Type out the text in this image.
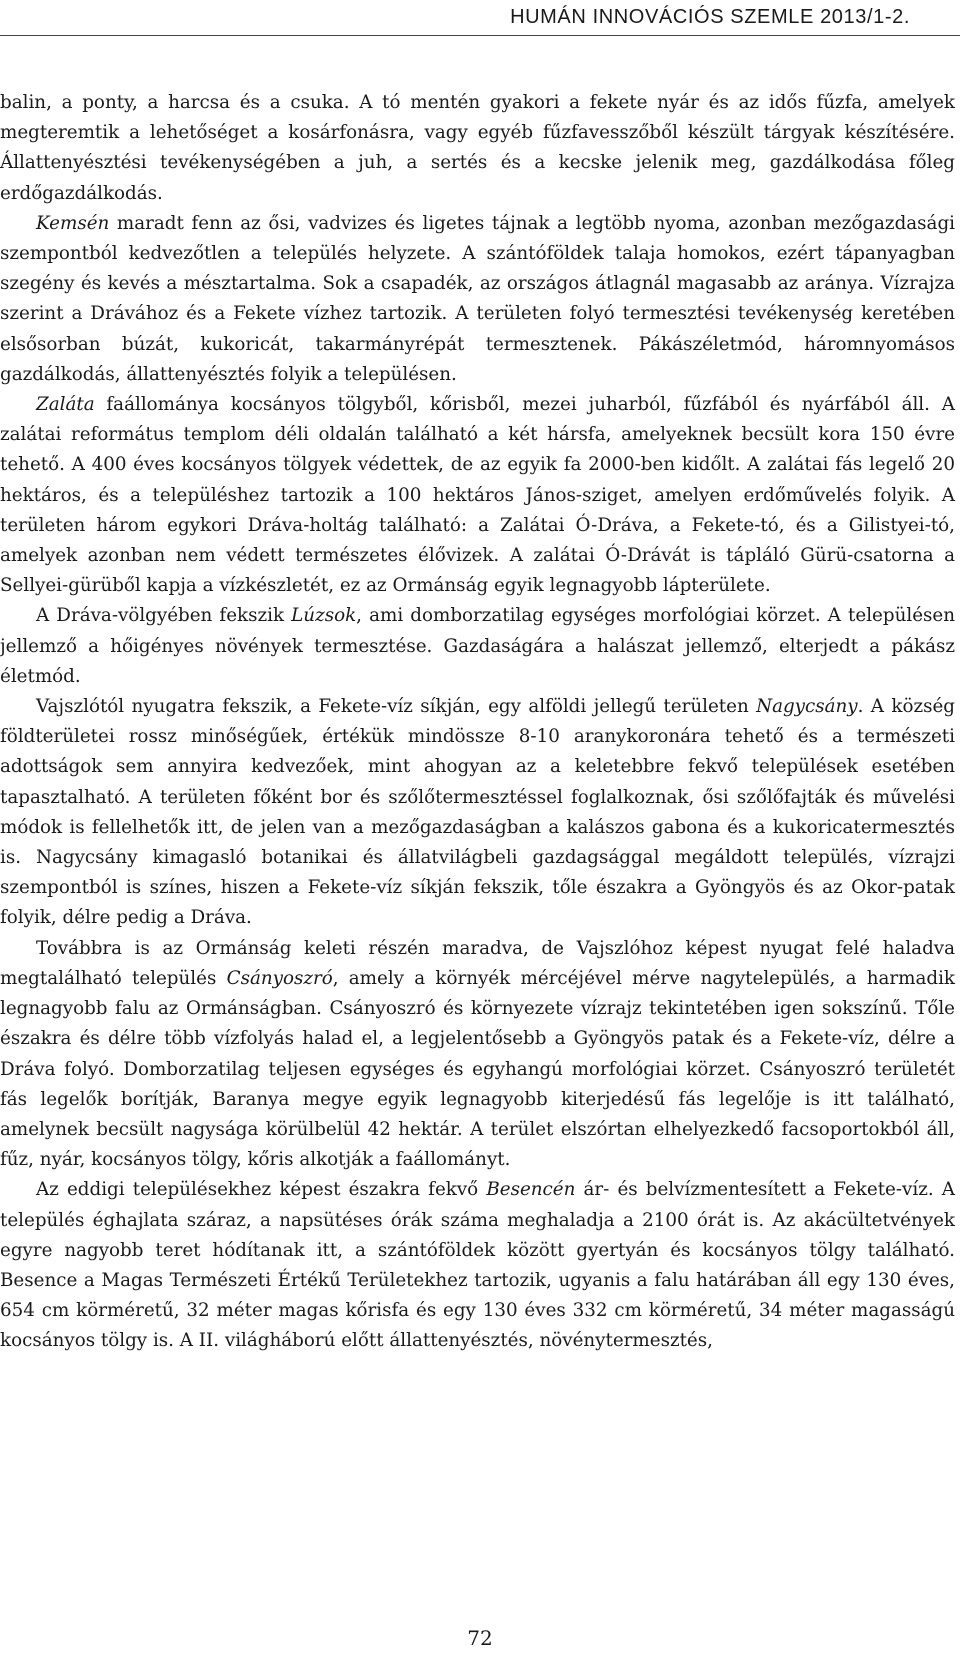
HUMÁN INNOVÁCIÓS SZEMLE 2013/1-2.

balin, a ponty, a harcsa és a csuka. A tó mentén gyakori a fekete nyár és az idős fűzfa, amelyek megteremtik a lehetőséget a kosárfonásra, vagy egyéb fűzfavesszőből készült tárgyak készítésére. Állattenyésztési tevékenységében a juh, a sertés és a kecske jelenik meg, gazdálkodása főleg erdőgazdálkodás.

Kemsén maradt fenn az ősi, vadvizes és ligetes tájnak a legtöbb nyoma, azonban mezőgazdasági szempontból kedvezőtlen a település helyzete. A szántóföldek talaja homokos, ezért tápanyagban szegény és kevés a mésztartalma. Sok a csapadék, az országos átlagnál magasabb az aránya. Vízrajza szerint a Drávához és a Fekete vízhez tartozik. A területen folyó termesztési tevékenység keretében elsősorban búzát, kukoricát, takarmányrépát termesztenek. Pákászéletmód, háromnyomásos gazdálkodás, állattenyésztés folyik a településen.

Zaláta faállománya kocsányos tölgyből, kőrisből, mezei juharból, fűzfából és nyárfából áll. A zalátai református templom déli oldalán található a két hársfa, amelyeknek becsült kora 150 évre tehető. A 400 éves kocsányos tölgyek védettek, de az egyik fa 2000-ben kidőlt. A zalátai fás legelő 20 hektáros, és a településhez tartozik a 100 hektáros János-sziget, amelyen erdőművelés folyik. A területen három egykori Dráva-holtág található: a Zalátai Ó-Dráva, a Fekete-tó, és a Gilistyei-tó, amelyek azonban nem védett természetes élővizek. A zalátai Ó-Drávát is tápláló Gürü-csatorna a Sellyei-gürüből kapja a vízkészletét, ez az Ormánság egyik legnagyobb lápterülete.

A Dráva-völgyében fekszik Lúzsok, ami domborzatilag egységes morfológiai körzet. A településen jellemző a hőigényes növények termesztése. Gazdaságára a halászat jellemző, elterjedt a pákász életmód.

Vajszlótól nyugatra fekszik, a Fekete-víz síkján, egy alföldi jellegű területen Nagycsány. A község földterületei rossz minőségűek, értékük mindössze 8-10 aranykoronára tehető és a természeti adottságok sem annyira kedvezőek, mint ahogyan az a keletebbre fekvő települések esetében tapasztalható. A területen főként bor és szőlőtermesztéssel foglalkoznak, ősi szőlőfajták és művelési módok is fellelhetők itt, de jelen van a mezőgazdaságban a kalászos gabona és a kukoricatermesztés is. Nagycsány kimagasló botanikai és állatvilágbeli gazdagsággal megáldott település, vízrajzi szempontból is színes, hiszen a Fekete-víz síkján fekszik, tőle északra a Gyöngyös és az Okor-patak folyik, délre pedig a Dráva.

Továbbra is az Ormánság keleti részén maradva, de Vajszlóhoz képest nyugat felé haladva megtalálható település Csányoszró, amely a környék mércéjével mérve nagytelepülés, a harmadik legnagyobb falu az Ormánságban. Csányoszró és környezete vízrajz tekintetében igen sokszínű. Tőle északra és délre több vízfolyás halad el, a legjelentősebb a Gyöngyös patak és a Fekete-víz, délre a Dráva folyó. Domborzatilag teljesen egységes és egyhangú morfológiai körzet. Csányoszró területét fás legelők borítják, Baranya megye egyik legnagyobb kiterjedésű fás legelője is itt található, amelynek becsült nagysága körülbelül 42 hektár. A terület elszórtan elhelyezkedő facsoportokból áll, fűz, nyár, kocsányos tölgy, kőris alkotják a faállományt.

Az eddigi településekhez képest északra fekvő Besencén ár- és belvízmentesített a Fekete-víz. A település éghajlata száraz, a napsütéses órák száma meghaladja a 2100 órát is. Az akácültetvények egyre nagyobb teret hódítanak itt, a szántóföldek között gyertyán és kocsányos tölgy található. Besence a Magas Természeti Értékű Területekhez tartozik, ugyanis a falu határában áll egy 130 éves, 654 cm körméretű, 32 méter magas kőrisfa és egy 130 éves 332 cm körméretű, 34 méter magasságú kocsányos tölgy is. A II. világháború előtt állattenyésztés, növénytermesztés,

72
